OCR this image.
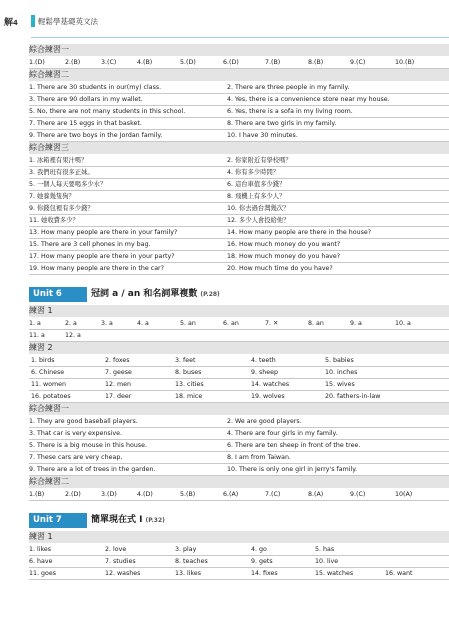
解4	輕鬆學基礎英文法
綜合練習一
1.(D)	2.(B)	3.(C)	4.(B)	5.(D)	6.(D)	7.(B)	8.(B)	9.(C)	10.(B)
綜合練習二
1. There are 30 students in our(my) class.	2. There are three people in my family.
3. There are 90 dollars in my wallet.	4. Yes, there is a convenience store near my house.
5. No, there are not many students in this school.	6. Yes, there is a sofa in my living room.
7. There are 15 eggs in that basket.	8. There are two girls in my family.
9. There are two boys in the Jordan family.	10. I have 30 minutes.
綜合練習三
1. 冰箱裡有果汁嗎？	2. 你家附近有學校嗎？
3. 我們班有很多正妹。	4. 你有多少時間？
5. 一個人每天要喝多少水？	6. 這台車值多少錢？
7. 她養幾隻狗？	8. 飛機上有多少人？
9. 你錢包裡有多少錢？	10. 你去過台灣幾次？
11. 她收費多少？	12. 多少人會投給他？
13. How many people are there in your family?	14. How many people are there in the house?
15. There are 3 cell phones in my bag.	16. How much money do you want?
17. How many people are there in your party?	18. How much money do you have?
19. How many people are there in the car?	20. How much time do you have?
Unit 6	冠詞 a / an 和名詞單複數 (P.28)
練習 1
1. a	2. a	3. a	4. a	5. an	6. an	7. ✕	8. an	9. a	10. a
11. a	12. a
練習 2
1. birds	2. foxes	3. feet	4. teeth	5. babies
6. Chinese	7. geese	8. buses	9. sheep	10. inches
11. women	12. men	13. cities	14. watches	15. wives
16. potatoes	17. deer	18. mice	19. wolves	20. fathers-in-law
綜合練習一
1. They are good baseball players.	2. We are good players.
3. That car is very expensive.	4. There are four girls in my family.
5. There is a big mouse in this house.	6. There are ten sheep in front of the tree.
7. These cars are very cheap.	8. I am from Taiwan.
9. There are a lot of trees in the garden.	10. There is only one girl in Jerry's family.
綜合練習二
1.(B)	2.(D)	3.(D)	4.(D)	5.(B)	6.(A)	7.(C)	8.(A)	9.(C)	10(A)
Unit 7	簡單現在式 I (P.32)
練習 1
1. likes	2. love	3. play	4. go	5. has
6. have	7. studies	8. teaches	9. gets	10. live
11. goes	12. washes	13. likes	14. fixes	15. watches	16. want
